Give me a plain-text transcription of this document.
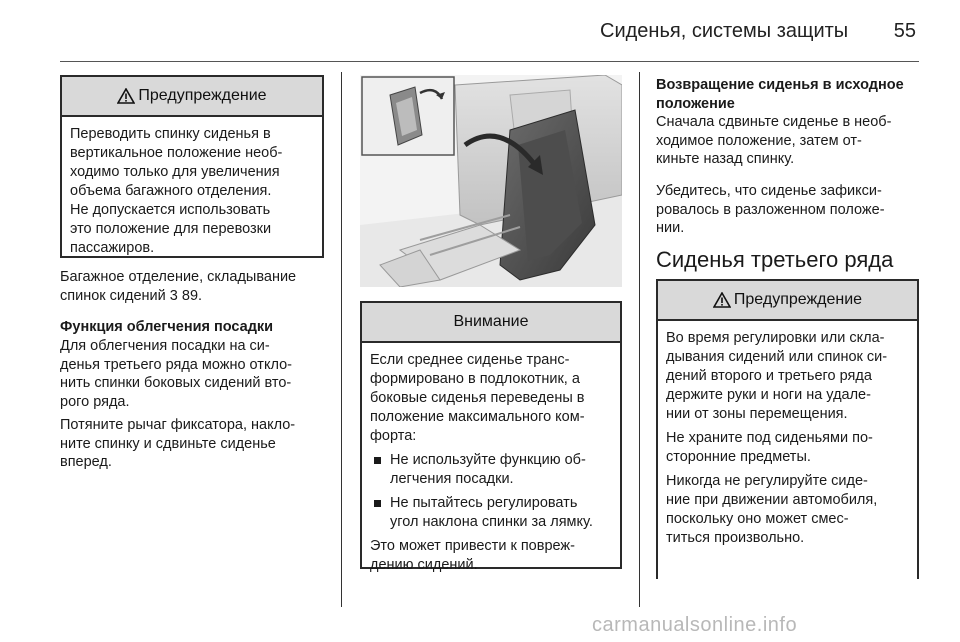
Сиденья, системы защиты 55
Предупреждение

Переводить спинку сиденья в
вертикальное положение необ-
ходимо только для увеличения
объема багажного отделения.
Не допускается использовать
это положение для перевозки
пассажиров.

Багажное отделение, складывание
спинок сидений 3 89.
Функция облегчения посадки
Для облегчения посадки на си-
денья третьего ряда можно откло-
нить спинки боковых сидений вто-
рого ряда.
Потяните рычаг фиксатора, накло-
ните спинку и сдвиньте сиденье
вперед.
Внимание

Если среднее сиденье транс-
формировано в подлокотник, а
боковые сиденья переведены в
положение максимального ком-
форта:

Не используйте функцию об-
легчения посадки.
Не пытайтесь регулировать
угол наклона спинки за лямку.

Это может привести к повреж-
дению сидений.

Возвращение сиденья в исходное
положение
Сначала сдвиньте сиденье в необ-
ходимое положение, затем от-
киньте назад спинку.
Убедитесь, что сиденье зафикси-
ровалось в разложенном положе-
нии.
Сиденья третьего ряда
Предупреждение

Во время регулировки или скла-
дывания сидений или спинок си-
дений второго и третьего ряда
держите руки и ноги на удале-
нии от зоны перемещения.

Не храните под сиденьями по-
сторонние предметы.

Никогда не регулируйте сиде-
ние при движении автомобиля,
поскольку оно может смес-
титься произвольно.

carmanualsonline.info
